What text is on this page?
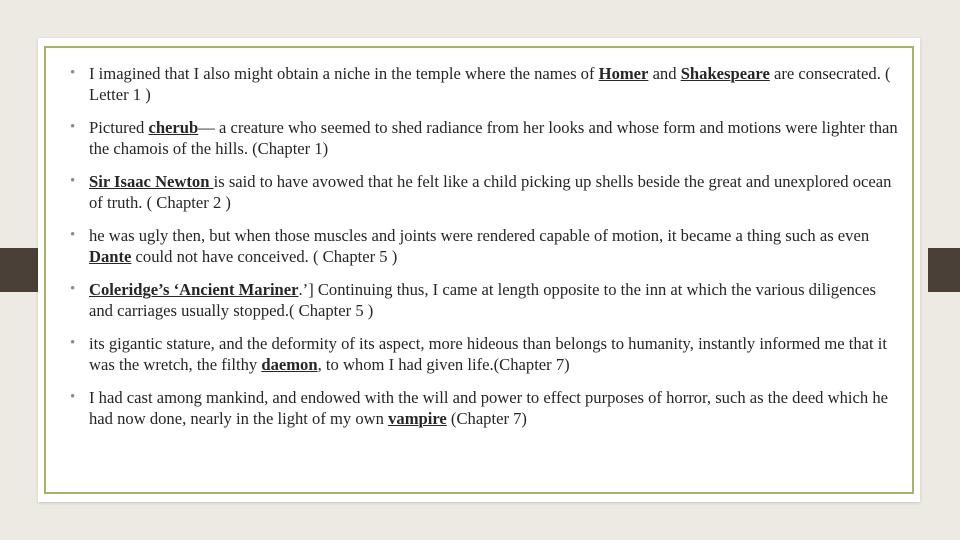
• I imagined that I also might obtain a niche in the temple where the names of Homer and Shakespeare are consecrated. ( Letter 1 )
• Pictured cherub— a creature who seemed to shed radiance from her looks and whose form and motions were lighter than the chamois of the hills. (Chapter 1)
• Sir Isaac Newton is said to have avowed that he felt like a child picking up shells beside the great and unexplored ocean of truth. ( Chapter 2 )
• he was ugly then, but when those muscles and joints were rendered capable of motion, it became a thing such as even Dante could not have conceived. ( Chapter 5 )
• Coleridge’s ‘Ancient Mariner.’] Continuing thus, I came at length opposite to the inn at which the various diligences and carriages usually stopped.( Chapter 5 )
• its gigantic stature, and the deformity of its aspect, more hideous than belongs to humanity, instantly informed me that it was the wretch, the filthy daemon, to whom I had given life.(Chapter 7)
• I had cast among mankind, and endowed with the will and power to effect purposes of horror, such as the deed which he had now done, nearly in the light of my own vampire (Chapter 7)
